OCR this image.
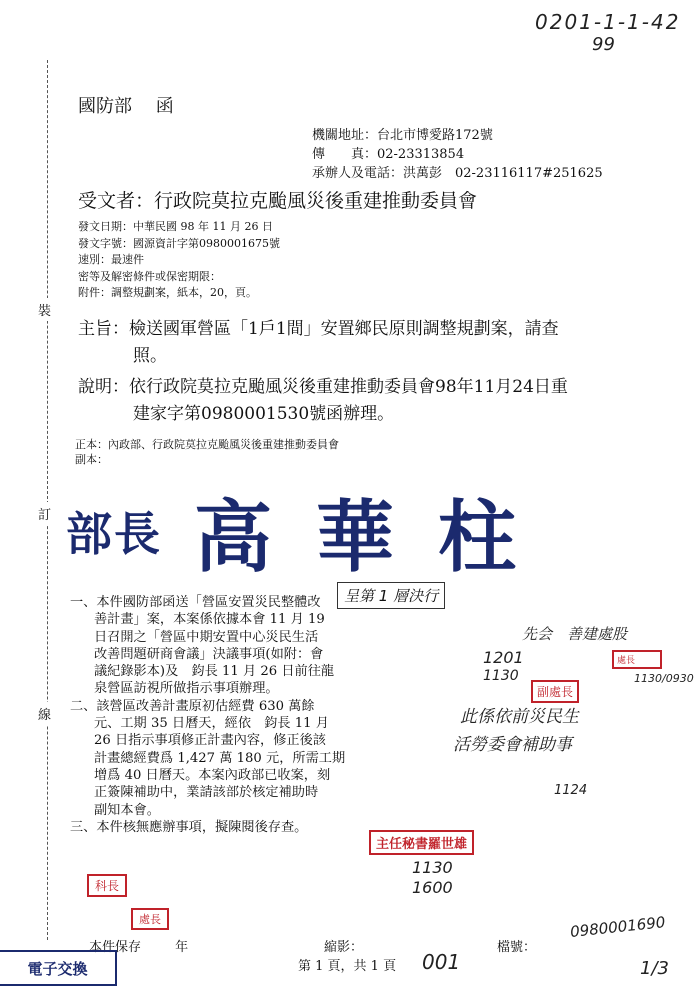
0201-1-1-42
99
裝
訂
線
國防部 函
機關地址：台北市博愛路172號
傳　　真：02-23313854
承辦人及電話：洪萬彭　02-23116117#251625
受文者：行政院莫拉克颱風災後重建推動委員會
發文日期：中華民國 98 年 11 月 26 日
發文字號：國源資計字第0980001675號
速別：最速件
密等及解密條件或保密期限：
附件：調整規劃案，紙本，20，頁。
主旨：檢送國軍營區「1戶1間」安置鄉民原則調整規劃案，請查
照。
說明：依行政院莫拉克颱風災後重建推動委員會98年11月24日重
建家字第0980001530號函辦理。
正本：內政部、行政院莫拉克颱風災後重建推動委員會
副本：
部長 高華柱
呈第 1 層決行
一、本件國防部函送「營區安置災民整體改
善計畫」案，本案係依據本會 11 月 19
日召開之「營區中期安置中心災民生活
改善問題研商會議」決議事項(如附：會
議紀錄影本)及　鈞長 11 月 26 日前往龍
泉營區訪視所做指示事項辦理。
二、該營區改善計畫原初估經費 630 萬餘
元、工期 35 日曆天，經依　鈞長 11 月
26 日指示事項修正計畫內容，修正後該
計畫總經費爲 1,427 萬 180 元，所需工期
增爲 40 日曆天。本案內政部已收案，刻
正簽陳補助中，業請該部於核定補助時
副知本會。
三、本件核無應辦事項，擬陳閱後存查。
先会　善建處股
此係依前災民生
活勞委會補助事
1124
1201
1130	1130/0930
副處長
處長
主任秘書羅世雄
1130
1600
科長
處長
本件保存	年	縮影：
第 1 頁，共 1 頁 001
檔號：
0980001690
1/3
電子交換
